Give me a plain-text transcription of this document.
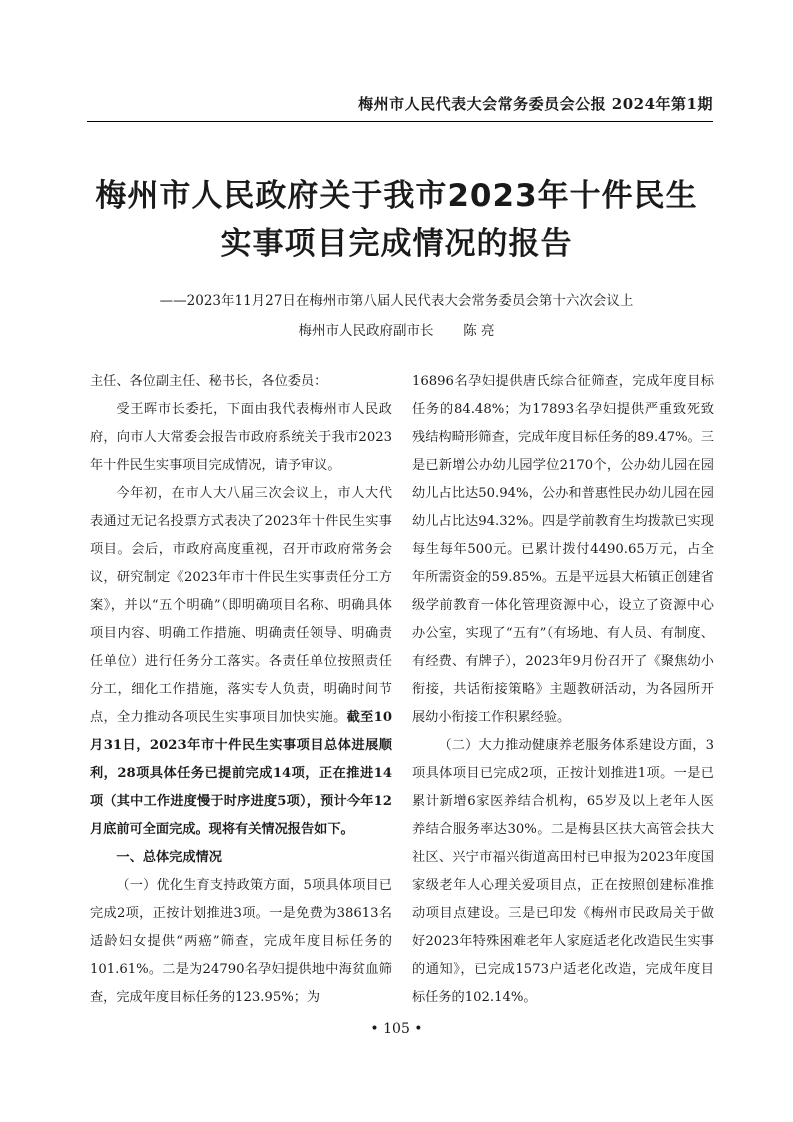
梅州市人民代表大会常务委员会公报 2024年第1期
梅州市人民政府关于我市2023年十件民生
实事项目完成情况的报告
——2023年11月27日在梅州市第八届人民代表大会常务委员会第十六次会议上
梅州市人民政府副市长 陈 亮

主任、各位副主任、秘书长，各位委员：

受王晖市长委托，下面由我代表梅州市人民政府，向市人大常委会报告市政府系统关于我市2023年十件民生实事项目完成情况，请予审议。

今年初，在市人大八届三次会议上，市人大代表通过无记名投票方式表决了2023年十件民生实事项目。会后，市政府高度重视，召开市政府常务会议，研究制定《2023年市十件民生实事责任分工方案》，并以“五个明确”（即明确项目名称、明确具体项目内容、明确工作措施、明确责任领导、明确责任单位）进行任务分工落实。各责任单位按照责任分工，细化工作措施，落实专人负责，明确时间节点，全力推动各项民生实事项目加快实施。截至10月31日，2023年市十件民生实事项目总体进展顺利，28项具体任务已提前完成14项，正在推进14项（其中工作进度慢于时序进度5项），预计今年12月底前可全面完成。现将有关情况报告如下。

一、总体完成情况

（一）优化生育支持政策方面，5项具体项目已完成2项，正按计划推进3项。一是免费为38613名适龄妇女提供“两癌”筛查，完成年度目标任务的101.61%。二是为24790名孕妇提供地中海贫血筛查，完成年度目标任务的123.95%；为

16896名孕妇提供唐氏综合征筛查，完成年度目标任务的84.48%；为17893名孕妇提供严重致死致残结构畸形筛查，完成年度目标任务的89.47%。三是已新增公办幼儿园学位2170个，公办幼儿园在园幼儿占比达50.94%，公办和普惠性民办幼儿园在园幼儿占比达94.32%。四是学前教育生均拨款已实现每生每年500元。已累计拨付4490.65万元，占全年所需资金的59.85%。五是平远县大柘镇正创建省级学前教育一体化管理资源中心，设立了资源中心办公室，实现了“五有”（有场地、有人员、有制度、有经费、有牌子），2023年9月份召开了《聚焦幼小衔接，共话衔接策略》主题教研活动，为各园所开展幼小衔接工作积累经验。

（二）大力推动健康养老服务体系建设方面，3项具体项目已完成2项，正按计划推进1项。一是已累计新增6家医养结合机构，65岁及以上老年人医养结合服务率达30%。二是梅县区扶大高管会扶大社区、兴宁市福兴街道高田村已申报为2023年度国家级老年人心理关爱项目点，正在按照创建标准推动项目点建设。三是已印发《梅州市民政局关于做好2023年特殊困难老年人家庭适老化改造民生实事的通知》，已完成1573户适老化改造，完成年度目标任务的102.14%。

• 105 •
